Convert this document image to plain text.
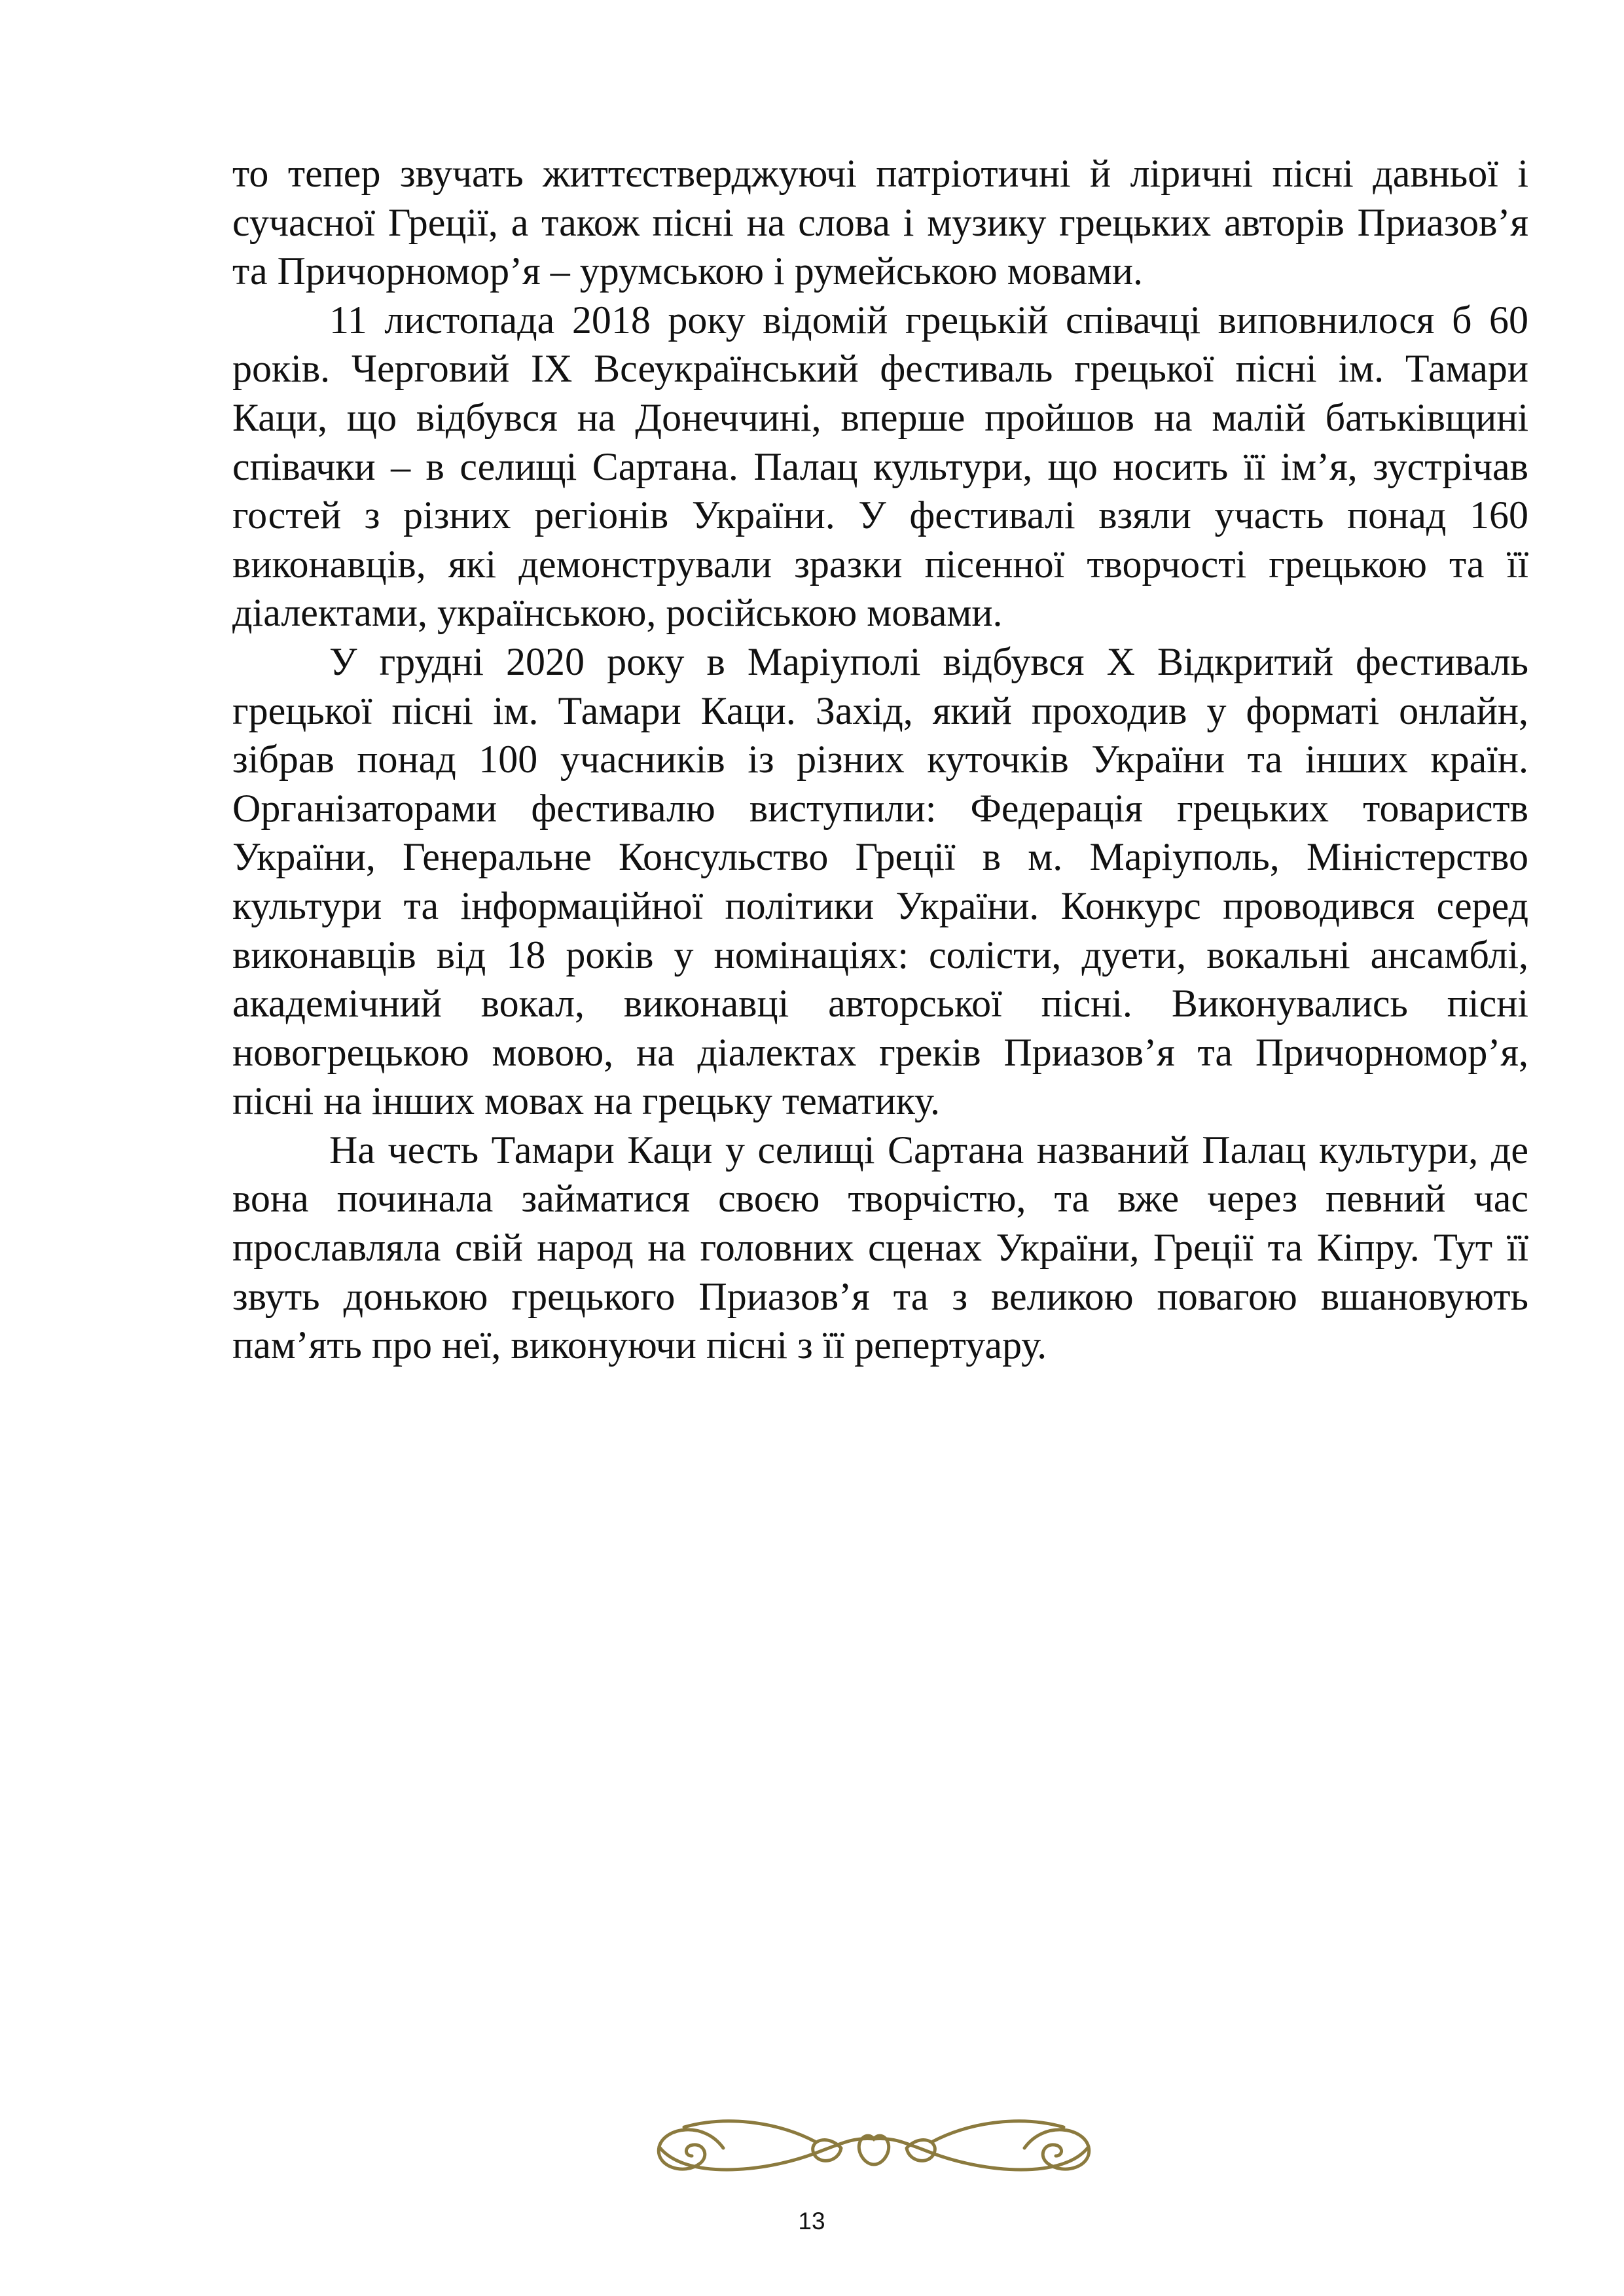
то тепер звучать життєстверджуючі патріотичні й ліричні пісні давньої і сучасної Греції, а також пісні на слова і музику грецьких авторів Приазов’я та Причорномор’я – урумською і румейською мовами.

11 листопада 2018 року відомій грецькій співачці виповнилося б 60 років. Черговий ІХ Всеукраїнський фестиваль грецької пісні ім. Тамари Каци, що відбувся на Донеччині, вперше пройшов на малій батьківщині співачки – в селищі Сартана. Палац культури, що носить її ім’я, зустрічав гостей з різних регіонів України. У фестивалі взяли участь понад 160 виконавців, які демонстрували зразки пісенної творчості грецькою та її діалектами, українською, російською мовами.

У грудні 2020 року в Маріуполі відбувся Х Відкритий фестиваль грецької пісні ім. Тамари Каци. Захід, який проходив у форматі онлайн, зібрав понад 100 учасників із різних куточків України та інших країн. Організаторами фестивалю виступили: Федерація грецьких товариств України, Генеральне Консульство Греції в м. Маріуполь, Міністерство культури та інформаційної політики України. Конкурс проводився серед виконавців від 18 років у номінаціях: солісти, дуети, вокальні ансамблі, академічний вокал, виконавці авторської пісні. Виконувались пісні новогрецькою мовою, на діалектах греків Приазов’я та Причорномор’я, пісні на інших мовах на грецьку тематику.

На честь Тамари Каци у селищі Сартана названий Палац культури, де вона починала займатися своєю творчістю, та вже через певний час прославляла свій народ на головних сценах України, Греції та Кіпру. Тут її звуть донькою грецького Приазов’я та з великою повагою вшановують пам’ять про неї, виконуючи пісні з її репертуару.

13
